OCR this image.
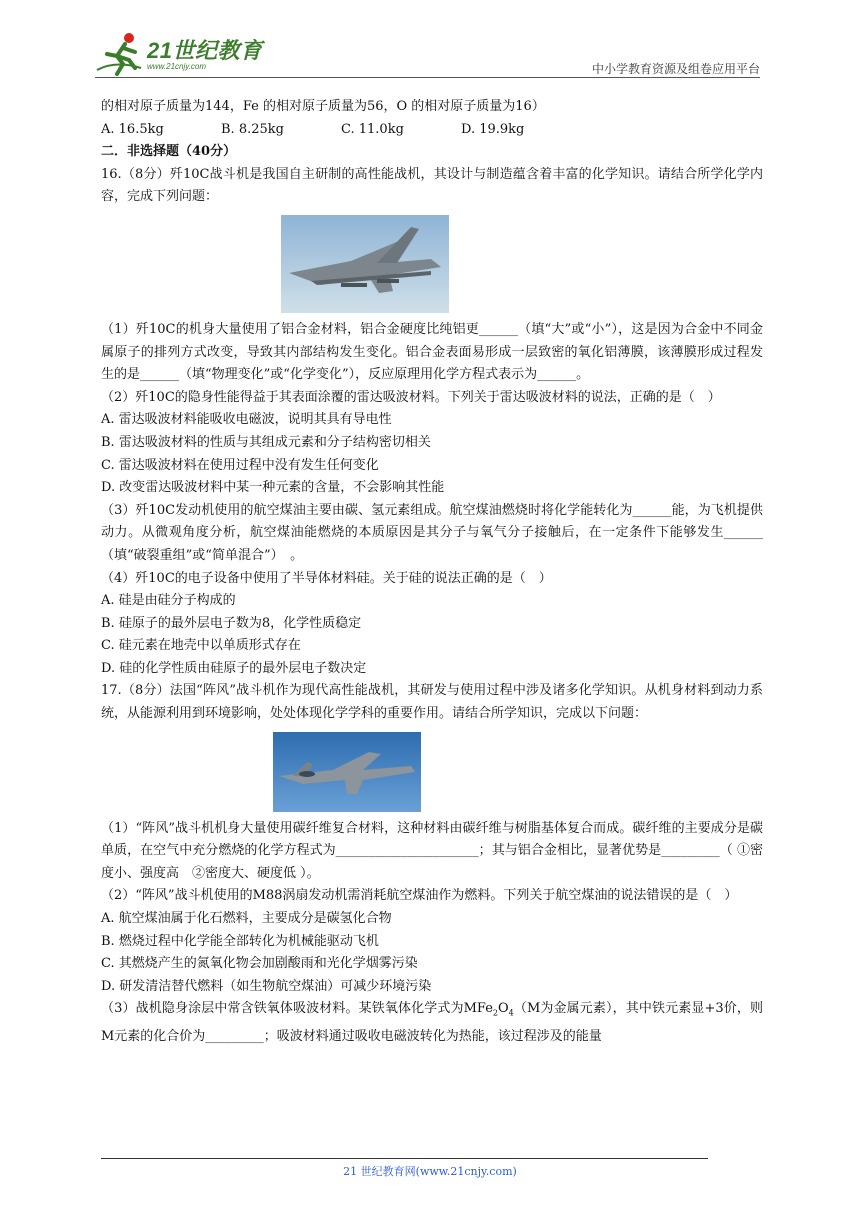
21世纪教育
www.21cnjy.com	中小学教育资源及组卷应用平台

的相对原子质量为144，Fe 的相对原子质量为56，O 的相对原子质量为16）

A. 16.5kg	B. 8.25kg	C. 11.0kg	D. 19.9kg

二．非选择题（40分）

16.（8分）歼10C战斗机是我国自主研制的高性能战机，其设计与制造蕴含着丰富的化学知识。请结合所学化学内容，完成下列问题：

（1）歼10C的机身大量使用了铝合金材料，铝合金硬度比纯铝更______（填“大”或“小”），这是因为合金中不同金属原子的排列方式改变，导致其内部结构发生变化。铝合金表面易形成一层致密的氧化铝薄膜，该薄膜形成过程发生的是______（填“物理变化”或“化学变化”），反应原理用化学方程式表示为______。

（2）歼10C的隐身性能得益于其表面涂覆的雷达吸波材料。下列关于雷达吸波材料的说法，正确的是（　）

A. 雷达吸波材料能吸收电磁波，说明其具有导电性

B. 雷达吸波材料的性质与其组成元素和分子结构密切相关

C. 雷达吸波材料在使用过程中没有发生任何变化

D. 改变雷达吸波材料中某一种元素的含量，不会影响其性能

（3）歼10C发动机使用的航空煤油主要由碳、氢元素组成。航空煤油燃烧时将化学能转化为______能，为飞机提供动力。从微观角度分析，航空煤油能燃烧的本质原因是其分子与氧气分子接触后，在一定条件下能够发生______（填“破裂重组”或“简单混合”）　。

（4）歼10C的电子设备中使用了半导体材料硅。关于硅的说法正确的是（　）

A. 硅是由硅分子构成的

B. 硅原子的最外层电子数为8，化学性质稳定

C. 硅元素在地壳中以单质形式存在

D. 硅的化学性质由硅原子的最外层电子数决定

17.（8分）法国“阵风”战斗机作为现代高性能战机，其研发与使用过程中涉及诸多化学知识。从机身材料到动力系统，从能源利用到环境影响，处处体现化学学科的重要作用。请结合所学知识，完成以下问题：

（1）“阵风”战斗机机身大量使用碳纤维复合材料，这种材料由碳纤维与树脂基体复合而成。碳纤维的主要成分是碳单质，在空气中充分燃烧的化学方程式为______________________；其与铝合金相比，显著优势是_________（ ①密度小、强度高　②密度大、硬度低 ）。

（2）“阵风”战斗机使用的M88涡扇发动机需消耗航空煤油作为燃料。下列关于航空煤油的说法错误的是（　）

A. 航空煤油属于化石燃料，主要成分是碳氢化合物

B. 燃烧过程中化学能全部转化为机械能驱动飞机

C. 其燃烧产生的氮氧化物会加剧酸雨和光化学烟雾污染

D. 研发清洁替代燃料（如生物航空煤油）可减少环境污染

（3）战机隐身涂层中常含铁氧体吸波材料。某铁氧体化学式为$MFe_2O_4(M$为金属元素），其中铁元素显+3价，则M元素的化合价为_________；吸波材料通过吸收电磁波转化为热能，该过程涉及的能量

21 世纪教育网(www.21cnjy.com)
